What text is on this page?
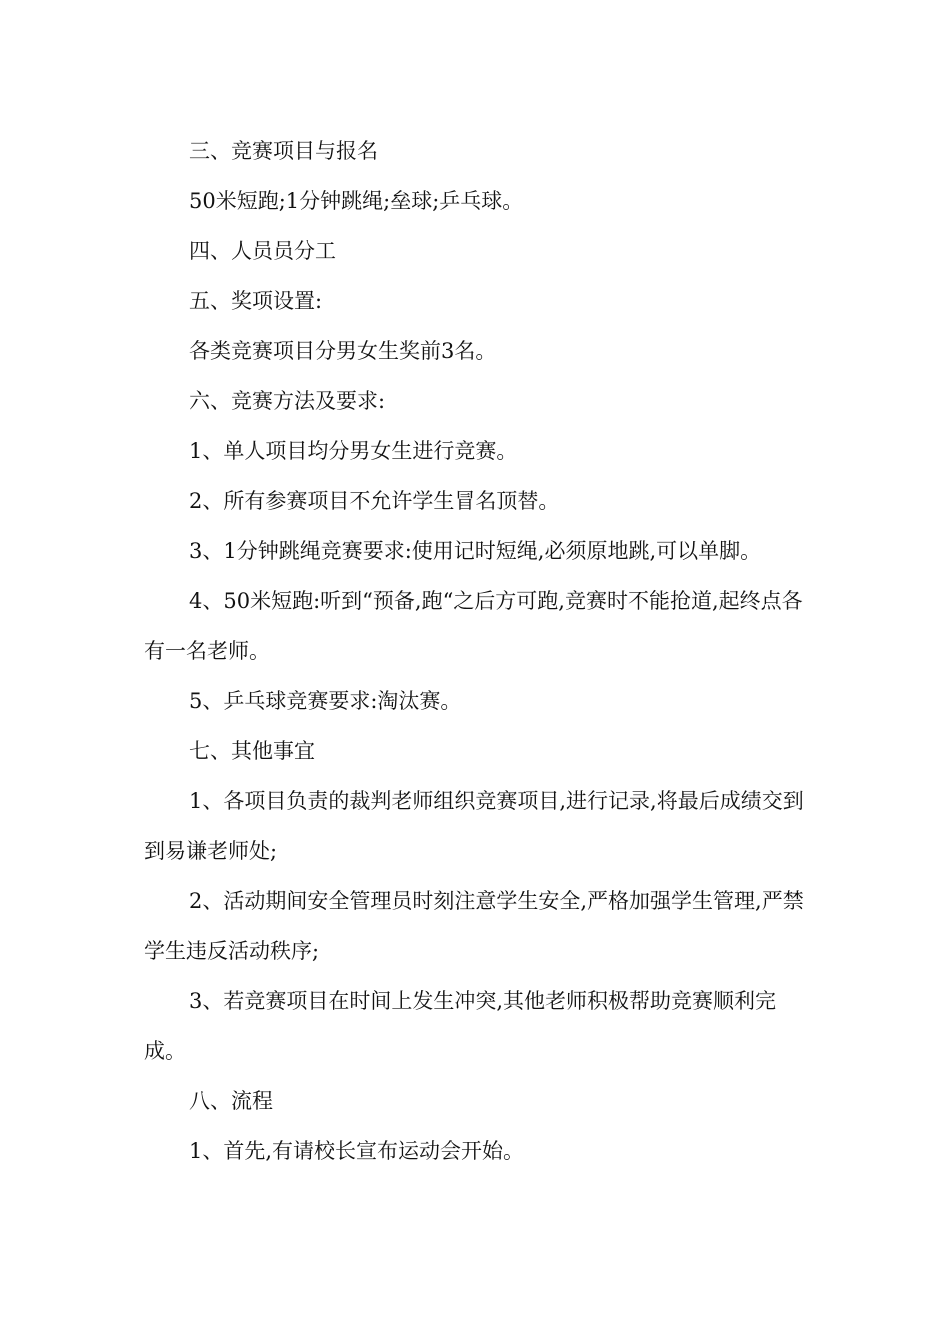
三、竞赛项目与报名

50米短跑;1分钟跳绳;垒球;乒乓球。

四、人员员分工

五、奖项设置:

各类竞赛项目分男女生奖前3名。

六、竞赛方法及要求:

1、单人项目均分男女生进行竞赛。

2、所有参赛项目不允许学生冒名顶替。

3、1分钟跳绳竞赛要求:使用记时短绳,必须原地跳,可以单脚。

4、50米短跑:听到“预备,跑“之后方可跑,竞赛时不能抢道,起终点各有一名老师。

5、乒乓球竞赛要求:淘汰赛。

七、其他事宜

1、各项目负责的裁判老师组织竞赛项目,进行记录,将最后成绩交到到易谦老师处;

2、活动期间安全管理员时刻注意学生安全,严格加强学生管理,严禁学生违反活动秩序;

3、若竞赛项目在时间上发生冲突,其他老师积极帮助竞赛顺利完成。

八、流程

1、首先,有请校长宣布运动会开始。
